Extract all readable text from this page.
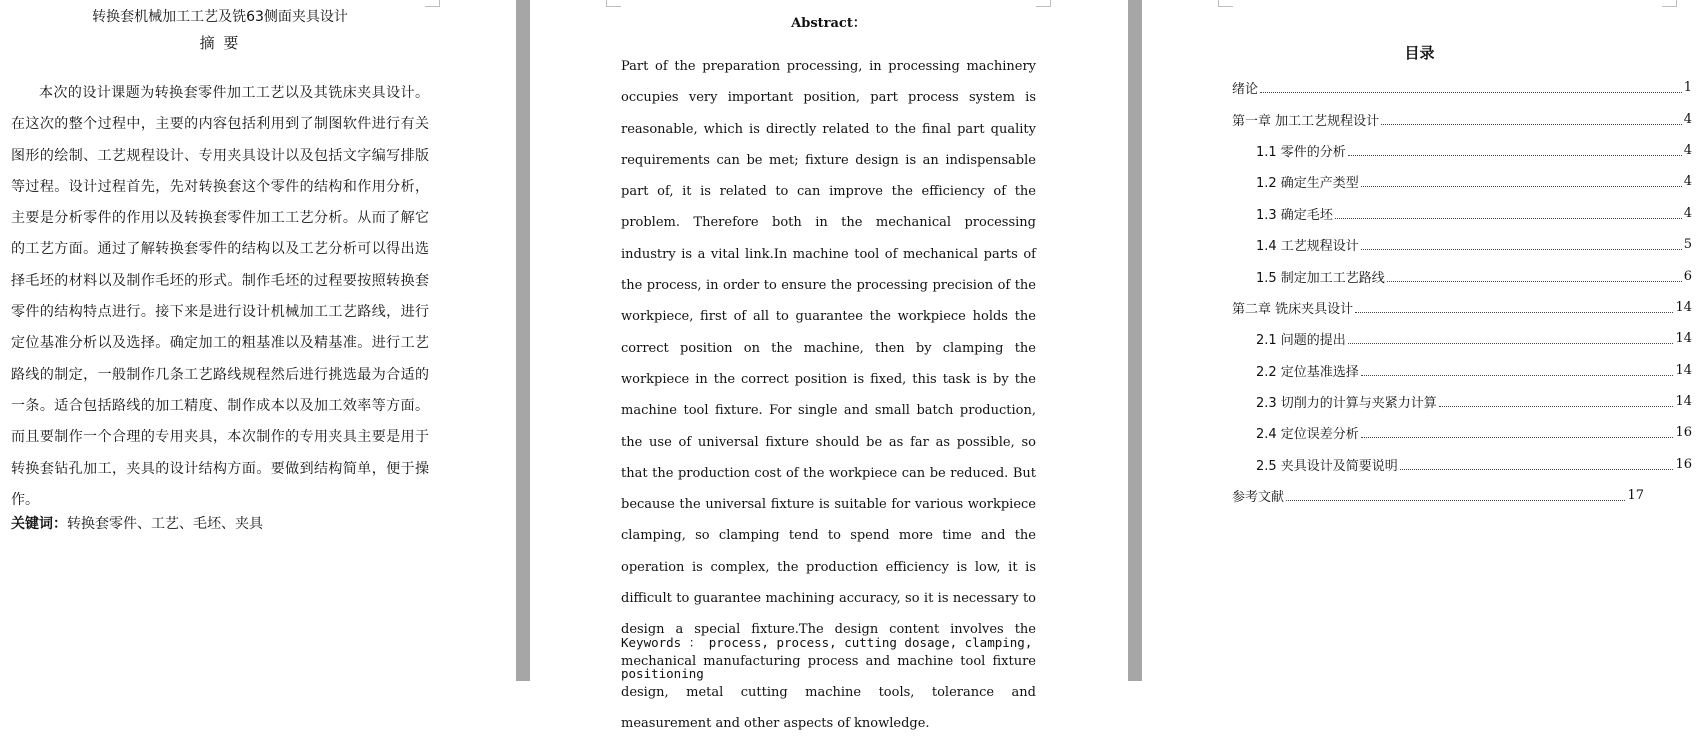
转换套机械加工工艺及铣63侧面夹具设计
摘 要

本次的设计课题为转换套零件加工工艺以及其铣床夹具设计。在这次的整个过程中，主要的内容包括利用到了制图软件进行有关图形的绘制、工艺规程设计、专用夹具设计以及包括文字编写排版等过程。设计过程首先，先对转换套这个零件的结构和作用分析，主要是分析零件的作用以及转换套零件加工工艺分析。从而了解它的工艺方面。通过了解转换套零件的结构以及工艺分析可以得出选择毛坯的材料以及制作毛坯的形式。制作毛坯的过程要按照转换套零件的结构特点进行。接下来是进行设计机械加工工艺路线，进行定位基准分析以及选择。确定加工的粗基准以及精基准。进行工艺路线的制定，一般制作几条工艺路线规程然后进行挑选最为合适的一条。适合包括路线的加工精度、制作成本以及加工效率等方面。而且要制作一个合理的专用夹具，本次制作的专用夹具主要是用于转换套钻孔加工，夹具的设计结构方面。要做到结构简单，便于操作。

关键词：转换套零件、工艺、毛坯、夹具
Abstract：

Part of the preparation processing, in processing machinery occupies very important position, part process system is reasonable, which is directly related to the final part quality requirements can be met; fixture design is an indispensable part of, it is related to can improve the efficiency of the problem. Therefore both in the mechanical processing industry is a vital link.In machine tool of mechanical parts of the process, in order to ensure the processing precision of the workpiece, first of all to guarantee the workpiece holds the correct position on the machine, then by clamping the workpiece in the correct position is fixed, this task is by the machine tool fixture. For single and small batch production, the use of universal fixture should be as far as possible, so that the production cost of the workpiece can be reduced. But because the universal fixture is suitable for various workpiece clamping, so clamping tend to spend more time and the operation is complex, the production efficiency is low, it is difficult to guarantee machining accuracy, so it is necessary to design a special fixture.The design content involves the mechanical manufacturing process and machine tool fixture design, metal cutting machine tools, tolerance and measurement and other aspects of knowledge.

Keywords ： process, process, cutting dosage, clamping, positioning

目录
绪论	1
第一章 加工工艺规程设计	4
1.1 零件的分析	4
1.2 确定生产类型	4
1.3 确定毛坯	4
1.4 工艺规程设计	5
1.5 制定加工工艺路线	6
第二章 铣床夹具设计	14
2.1 问题的提出	14
2.2 定位基准选择	14
2.3 切削力的计算与夹紧力计算	14
2.4 定位误差分析	16
2.5 夹具设计及简要说明	16
参考文献	17
